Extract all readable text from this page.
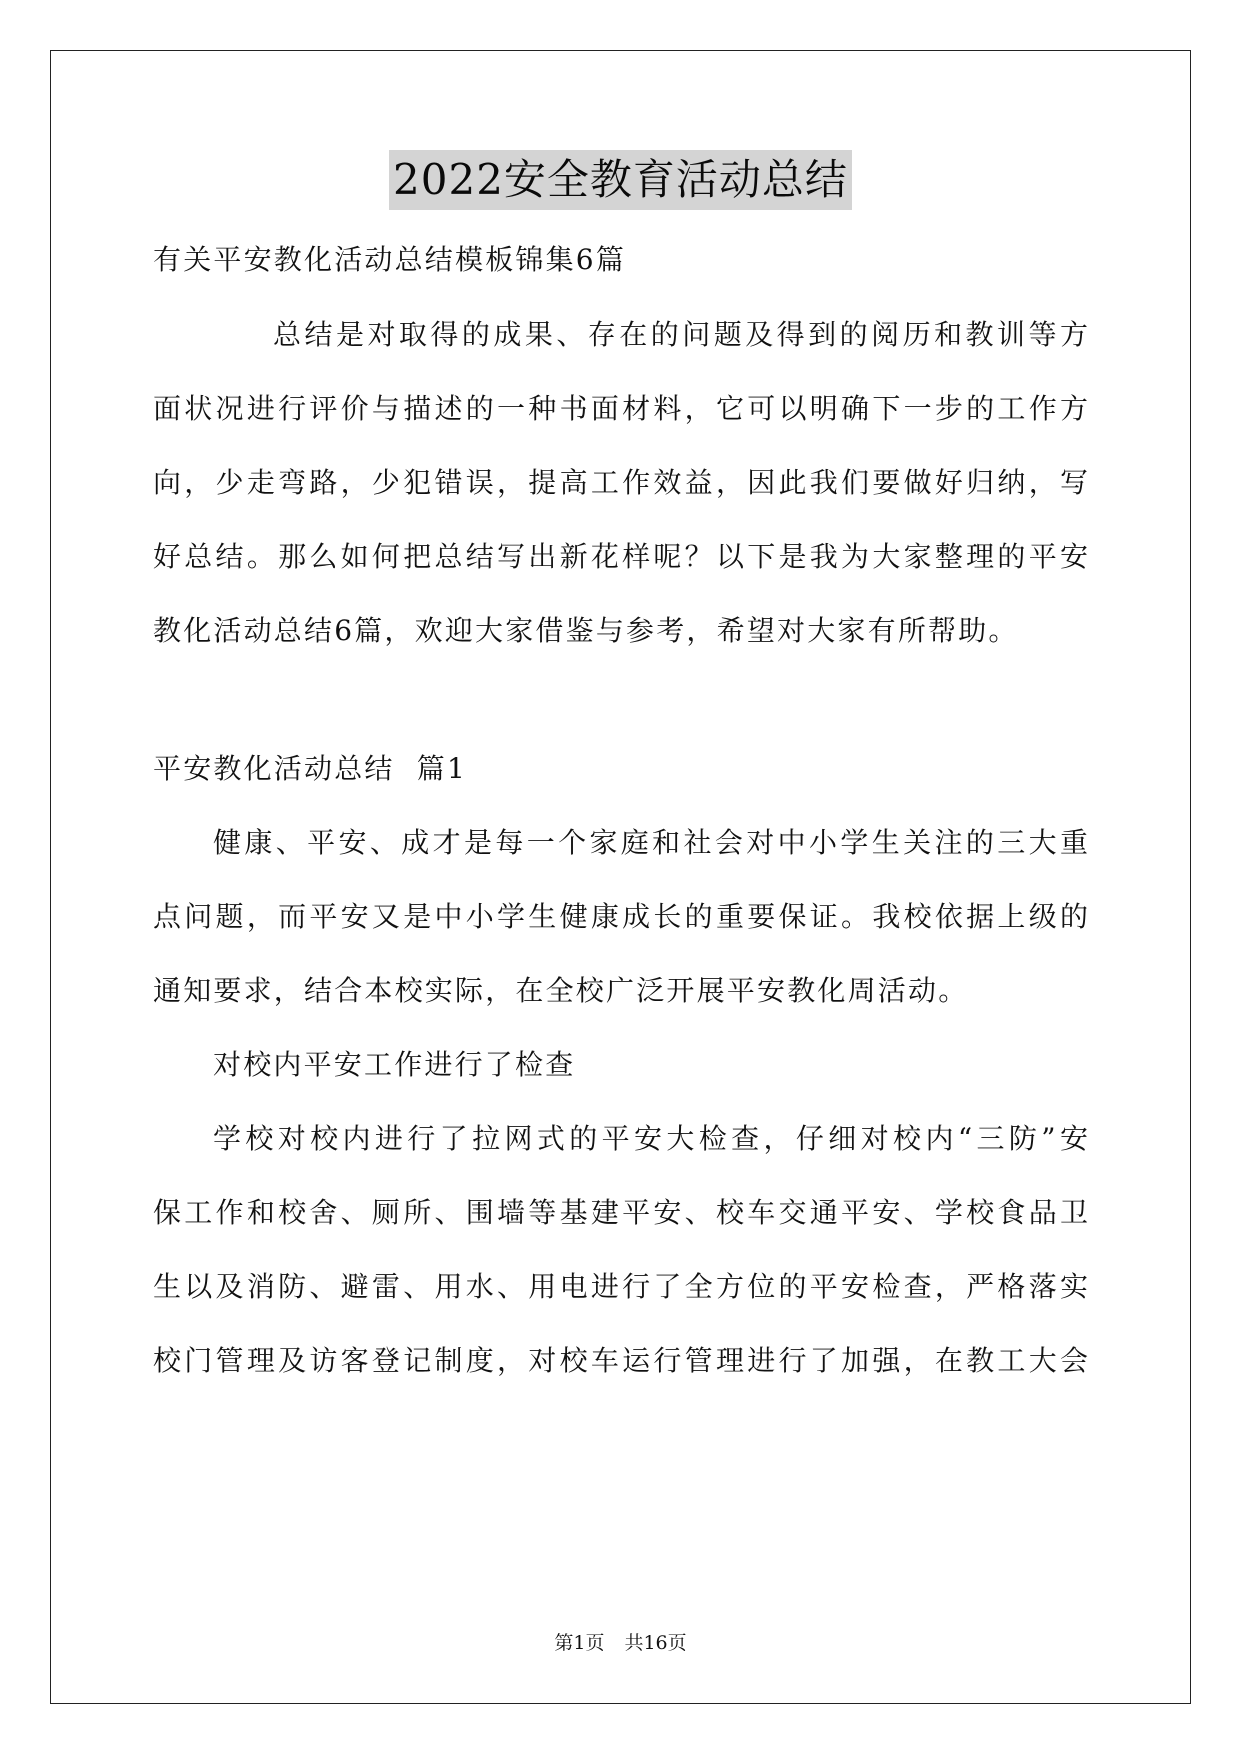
2022安全教育活动总结
有关平安教化活动总结模板锦集6篇
总结是对取得的成果、存在的问题及得到的阅历和教训等方
面状况进行评价与描述的一种书面材料，它可以明确下一步的工作方
向，少走弯路，少犯错误，提高工作效益，因此我们要做好归纳，写
好总结。那么如何把总结写出新花样呢？以下是我为大家整理的平安
教化活动总结6篇，欢迎大家借鉴与参考，希望对大家有所帮助。
平安教化活动总结  篇1
健康、平安、成才是每一个家庭和社会对中小学生关注的三大重
点问题，而平安又是中小学生健康成长的重要保证。我校依据上级的
通知要求，结合本校实际，在全校广泛开展平安教化周活动。
对校内平安工作进行了检查
学校对校内进行了拉网式的平安大检查，仔细对校内“三防”安
保工作和校舍、厕所、围墙等基建平安、校车交通平安、学校食品卫
生以及消防、避雷、用水、用电进行了全方位的平安检查，严格落实
校门管理及访客登记制度，对校车运行管理进行了加强，在教工大会
第1页 共16页
